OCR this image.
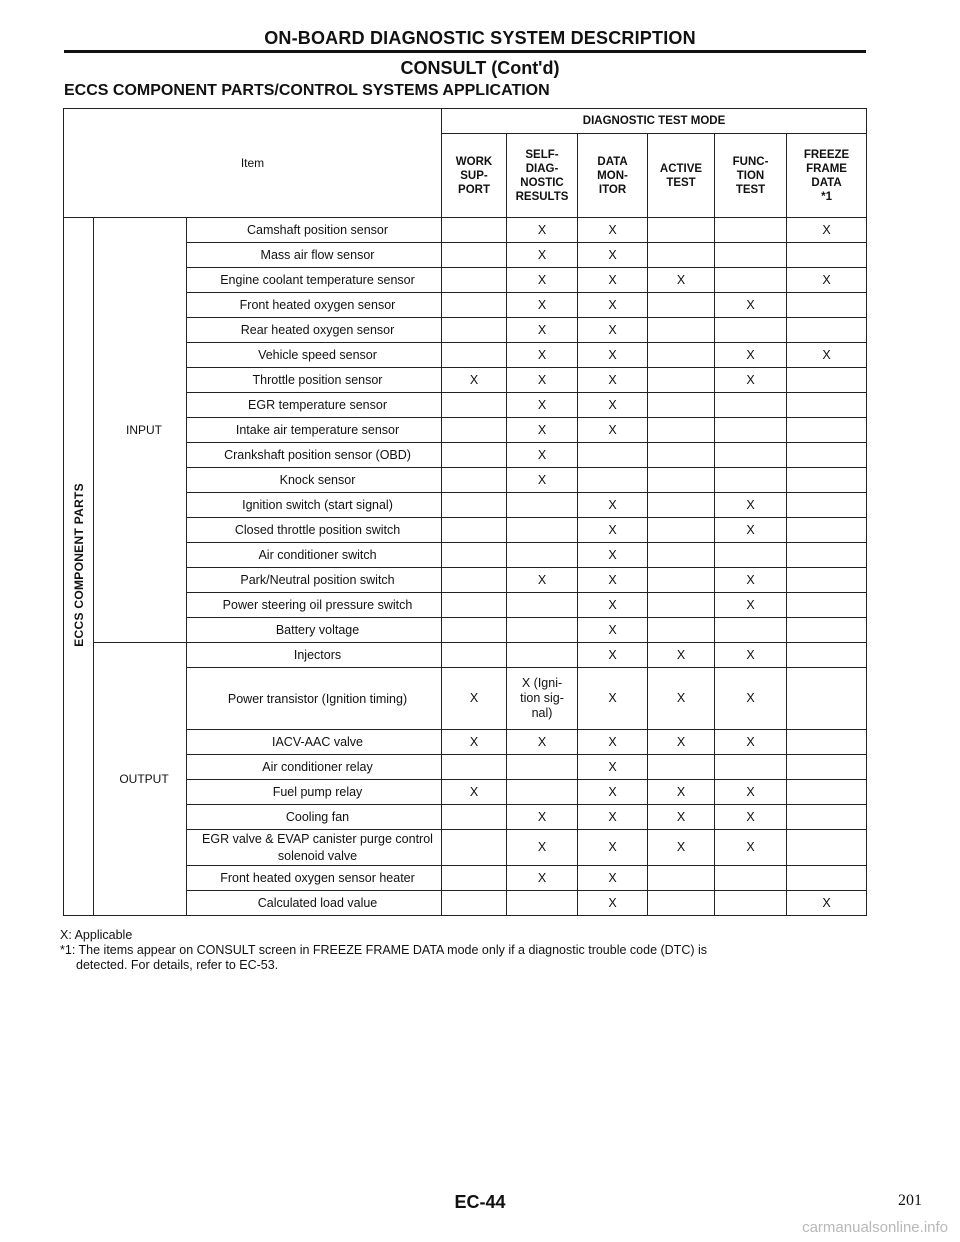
ON-BOARD DIAGNOSTIC SYSTEM DESCRIPTION
CONSULT (Cont'd)
ECCS COMPONENT PARTS/CONTROL SYSTEMS APPLICATION
Item			DIAGNOSTIC TEST MODE					
			WORK
SUP-
PORT	SELF-
DIAG-
NOSTIC
RESULTS	DATA
MON-
ITOR	ACTIVE
TEST	FUNC-
TION
TEST	FREEZE
FRAME
DATA
*1
ECCS COMPONENT PARTS	INPUT	Camshaft position sensor		X	X			X
		Mass air flow sensor		X	X			
		Engine coolant temperature sensor		X	X	X		X
		Front heated oxygen sensor		X	X		X	
		Rear heated oxygen sensor		X	X			
		Vehicle speed sensor		X	X		X	X
		Throttle position sensor	X	X	X		X	
		EGR temperature sensor		X	X			
		Intake air temperature sensor		X	X			
		Crankshaft position sensor (OBD)		X				
		Knock sensor		X				
		Ignition switch (start signal)			X		X	
		Closed throttle position switch			X		X	
		Air conditioner switch			X			
		Park/Neutral position switch		X	X		X	
		Power steering oil pressure switch			X		X	
		Battery voltage			X			
	OUTPUT	Injectors			X	X	X	
		Power transistor (Ignition timing)	X	X (Igni-
tion sig-
nal)	X	X	X	
		IACV-AAC valve	X	X	X	X	X	
		Air conditioner relay			X			
		Fuel pump relay	X		X	X	X	
		Cooling fan		X	X	X	X	
		EGR valve & EVAP canister purge control solenoid valve		X	X	X	X	
		Front heated oxygen sensor heater		X	X			
		Calculated load value			X			X
X: Applicable
*1: The items appear on CONSULT screen in FREEZE FRAME DATA mode only if a diagnostic trouble code (DTC) is
detected. For details, refer to EC-53.
EC-44	201
carmanualsonline.info
